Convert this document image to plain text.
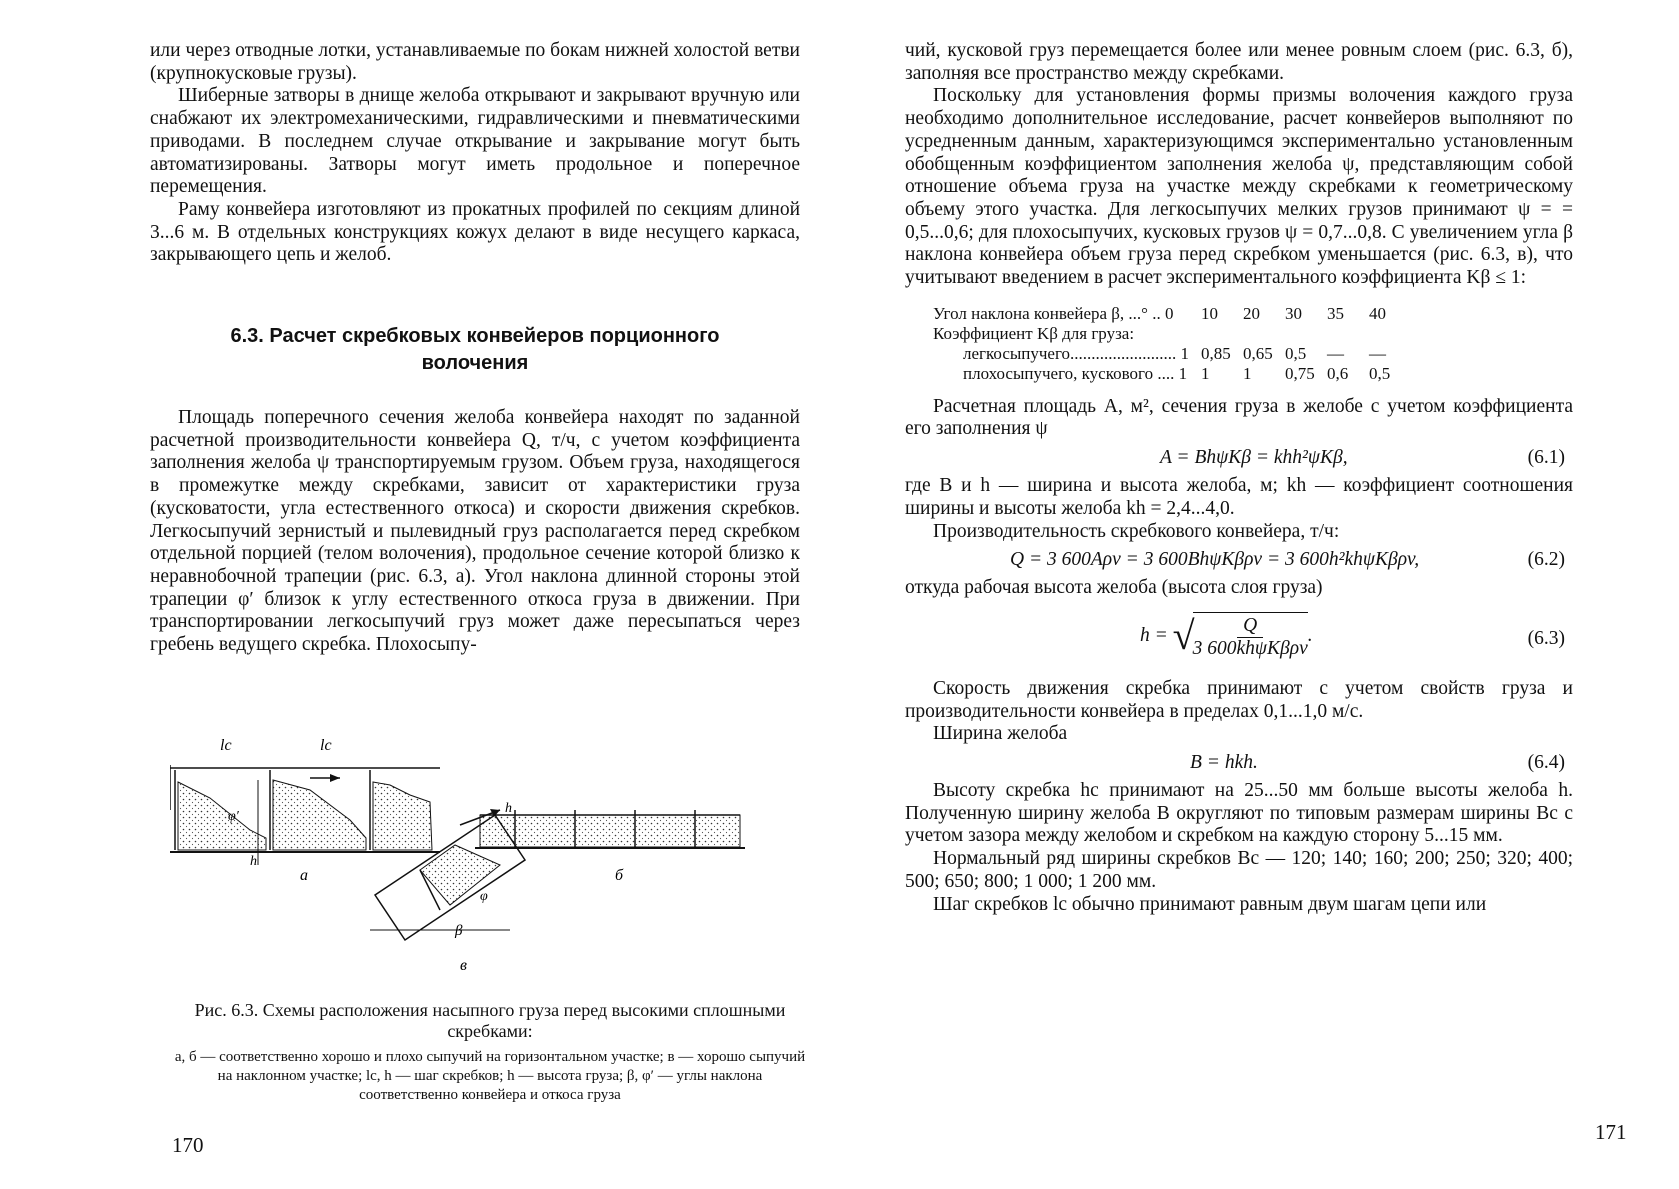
или через отводные лотки, устанавливаемые по бокам нижней холостой ветви (крупнокусковые грузы).

Шиберные затворы в днище желоба открывают и закрывают вручную или снабжают их электромеханическими, гидравлическими и пневматическими приводами. В последнем случае открывание и закрывание могут быть автоматизированы. Затворы могут иметь продольное и поперечное перемещения.

Раму конвейера изготовляют из прокатных профилей по секциям длиной 3...6 м. В отдельных конструкциях кожух делают в виде несущего каркаса, закрывающего цепь и желоб.

6.3. Расчет скребковых конвейеров порционного
волочения

Площадь поперечного сечения желоба конвейера находят по заданной расчетной производительности конвейера Q, т/ч, с учетом коэффициента заполнения желоба ψ транспортируемым грузом. Объем груза, находящегося в промежутке между скребками, зависит от характеристики груза (кусковатости, угла естественного откоса) и скорости движения скребков. Легкосыпучий зернистый и пылевидный груз располагается перед скребком отдельной порцией (телом волочения), продольное сечение которой близко к неравнобочной трапеции (рис. 6.3, а). Угол наклона длинной стороны этой трапеции φ′ близок к углу естественного откоса груза в движении. При транспортировании легкосыпучий груз может даже пересыпаться через гребень ведущего скребка. Плохосыпу-

lc	lc
φ′
h
а
h
б
β
φ
в
Рис. 6.3. Схемы расположения насыпного груза перед высокими сплошными скребками:
а, б — соответственно хорошо и плохо сыпучий на горизонтальном участке; в — хорошо сыпучий на наклонном участке; lc, h — шаг скребков; h — высота груза; β, φ′ — углы наклона соответственно конвейера и откоса груза
170

чий, кусковой груз перемещается более или менее ровным слоем (рис. 6.3, б), заполняя все пространство между скребками.

Поскольку для установления формы призмы волочения каждого груза необходимо дополнительное исследование, расчет конвейеров выполняют по усредненным данным, характеризующимся экспериментально установленным обобщенным коэффициентом заполнения желоба ψ, представляющим собой отношение объема груза на участке между скребками к геометрическому объему этого участка. Для легкосыпучих мелких грузов принимают ψ = = 0,5...0,6; для плохосыпучих, кусковых грузов ψ = 0,7...0,8. С увеличением угла β наклона конвейера объем груза перед скребком уменьшается (рис. 6.3, в), что учитывают введением в расчет экспериментального коэффициента Kβ ≤ 1:

Угол наклона конвейера β, ...° .. 0	10	20	30	35	40
Коэффициент Kβ для груза:					
легкосыпучего......................... 1	0,85	0,65	0,5	—	—
плохосыпучего, кускового .... 1	1	1	0,75	0,6	0,5

Расчетная площадь A, м², сечения груза в желобе с учетом коэффициента его заполнения ψ

A = BhψKβ = khh²ψKβ,	(6.1)

где B и h — ширина и высота желоба, м; kh — коэффициент соотношения ширины и высоты желоба kh = 2,4...4,0.

Производительность скребкового конвейера, т/ч:

Q = 3 600Aρv = 3 600BhψKβρv = 3 600h²khψKβρv,	(6.2)

откуда рабочая высота желоба (высота слоя груза)

h =
√
$\frac{Q}{\text{3 600khψKβρv}}$ .	(6.3)

Скорость движения скребка принимают с учетом свойств груза и производительности конвейера в пределах 0,1...1,0 м/с.

Ширина желоба

B = hkh.	(6.4)

Высоту скребка hc принимают на 25...50 мм больше высоты желоба h. Полученную ширину желоба B округляют по типовым размерам ширины Bc с учетом зазора между желобом и скребком на каждую сторону 5...15 мм.

Нормальный ряд ширины скребков Bc — 120; 140; 160; 200; 250; 320; 400; 500; 650; 800; 1 000; 1 200 мм.

Шаг скребков lc обычно принимают равным двум шагам цепи или

171
